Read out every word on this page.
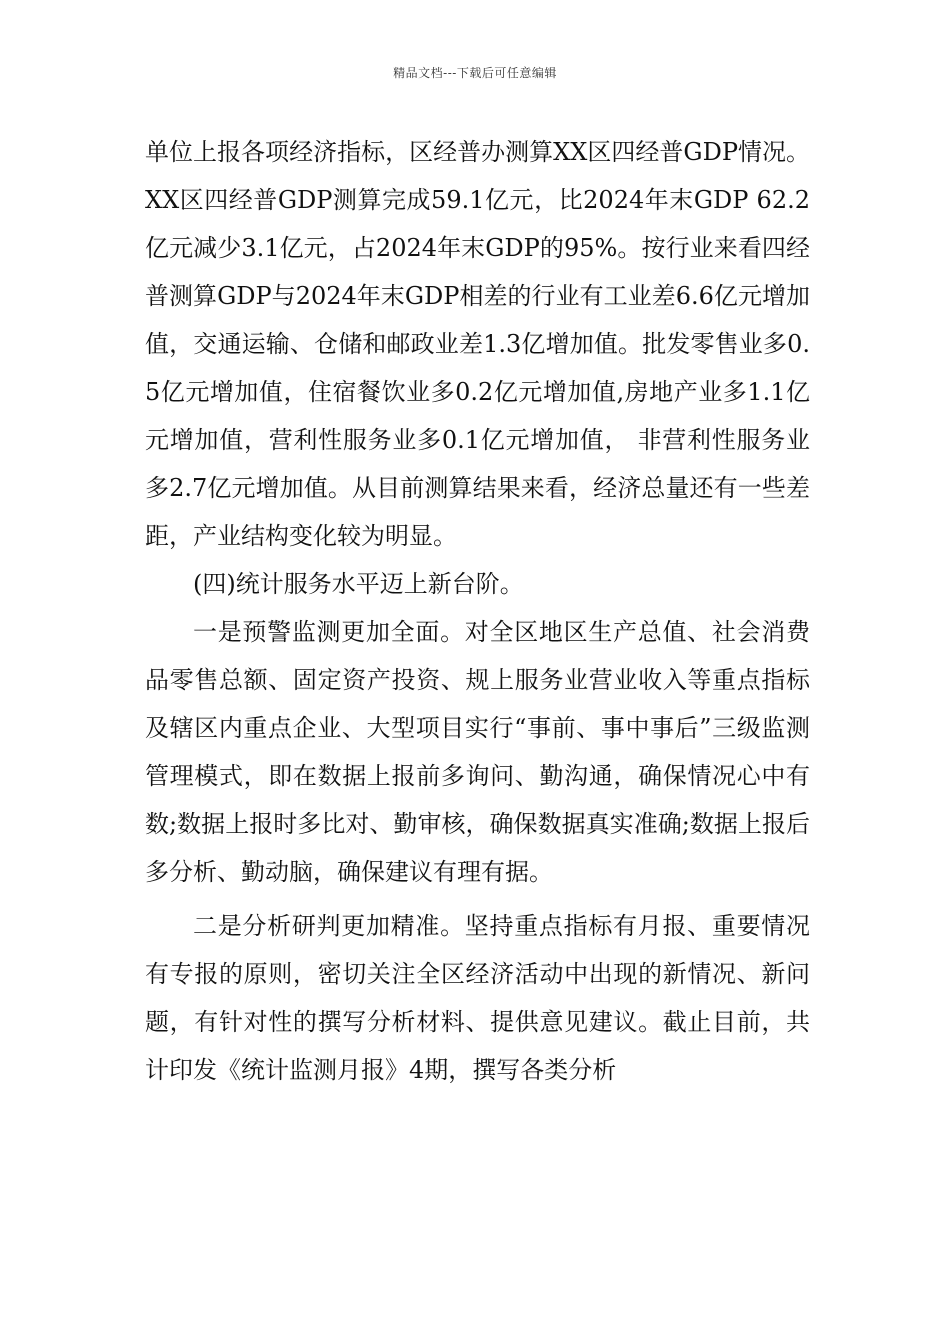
精品文档---下载后可任意编辑

单位上报各项经济指标，区经普办测算XX区四经普GDP情况。XX区四经普GDP测算完成59.1亿元，比2024年末GDP 62.2亿元减少3.1亿元，占2024年末GDP的95%。按行业来看四经普测算GDP与2024年末GDP相差的行业有工业差6.6亿元增加值，交通运输、仓储和邮政业差1.3亿增加值。批发零售业多0.5亿元增加值，住宿餐饮业多0.2亿元增加值,房地产业多1.1亿元增加值，营利性服务业多0.1亿元增加值， 非营利性服务业多2.7亿元增加值。从目前测算结果来看，经济总量还有一些差距，产业结构变化较为明显。

(四)统计服务水平迈上新台阶。

一是预警监测更加全面。对全区地区生产总值、社会消费品零售总额、固定资产投资、规上服务业营业收入等重点指标及辖区内重点企业、大型项目实行“事前、事中事后”三级监测管理模式，即在数据上报前多询问、勤沟通，确保情况心中有数;数据上报时多比对、勤审核，确保数据真实准确;数据上报后多分析、勤动脑，确保建议有理有据。

二是分析研判更加精准。坚持重点指标有月报、重要情况有专报的原则，密切关注全区经济活动中出现的新情况、新问题，有针对性的撰写分析材料、提供意见建议。截止目前，共计印发《统计监测月报》4期，撰写各类分析
